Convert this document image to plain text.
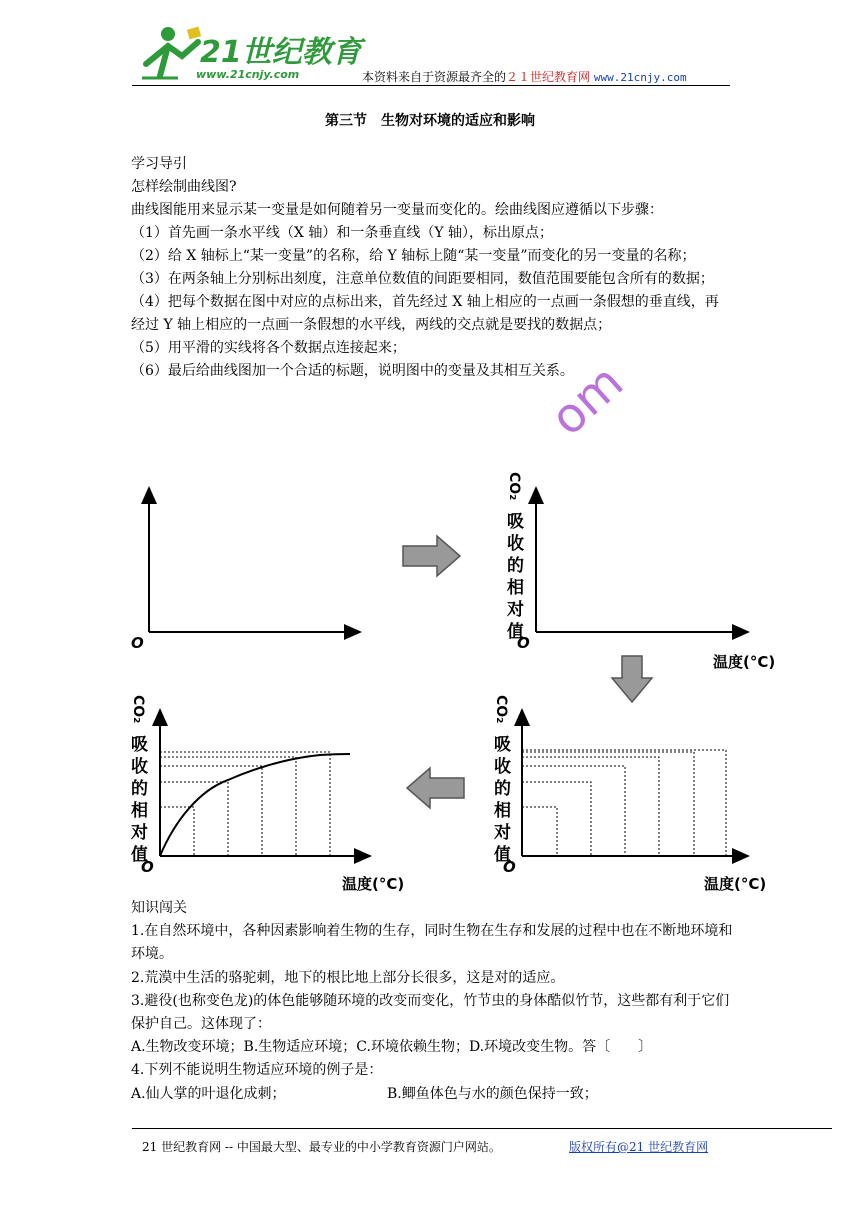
21世纪教育
www.21cnjy.com	本资料来自于资源最齐全的２１世纪教育网 www.21cnjy.com
第三节　生物对环境的适应和影响

学习导引

怎样绘制曲线图?

曲线图能用来显示某一变量是如何随着另一变量而变化的。绘曲线图应遵循以下步骤：

（1）首先画一条水平线（X 轴）和一条垂直线（Y 轴），标出原点；

（2）给 X 轴标上“某一变量”的名称，给 Y 轴标上随“某一变量”而变化的另一变量的名称；

（3）在两条轴上分别标出刻度，注意单位数值的间距要相同，数值范围要能包含所有的数据；

（4）把每个数据在图中对应的点标出来，首先经过 X 轴上相应的一点画一条假想的垂直线，再经过 Y 轴上相应的一点画一条假想的水平线，两线的交点就是要找的数据点；

（5）用平滑的实线将各个数据点连接起来；

（6）最后给曲线图加一个合适的标题，说明图中的变量及其相互关系。

om
O	O
CO₂
吸
收
的
相
对
值
温度(°C)
O
CO₂
吸
收
的
相
对
值
温度(°C)
O
CO₂
吸
收
的
相
对
值
温度(°C)

知识闯关

1.在自然环境中，各种因素影响着生物的生存，同时生物在生存和发展的过程中也在不断地环境和环境。

2.荒漠中生活的骆驼刺，地下的根比地上部分长很多，这是对的适应。

3.避役(也称变色龙)的体色能够随环境的改变而变化，竹节虫的身体酷似竹节，这些都有利于它们保护自己。这体现了：

A.生物改变环境；B.生物适应环境；C.环境依赖生物；D.环境改变生物。答〔　　〕

4.下列不能说明生物适应环境的例子是：

A.仙人掌的叶退化成刺；	B.鲫鱼体色与水的颜色保持一致；

21 世纪教育网 -- 中国最大型、最专业的中小学教育资源门户网站。	版权所有@21 世纪教育网
